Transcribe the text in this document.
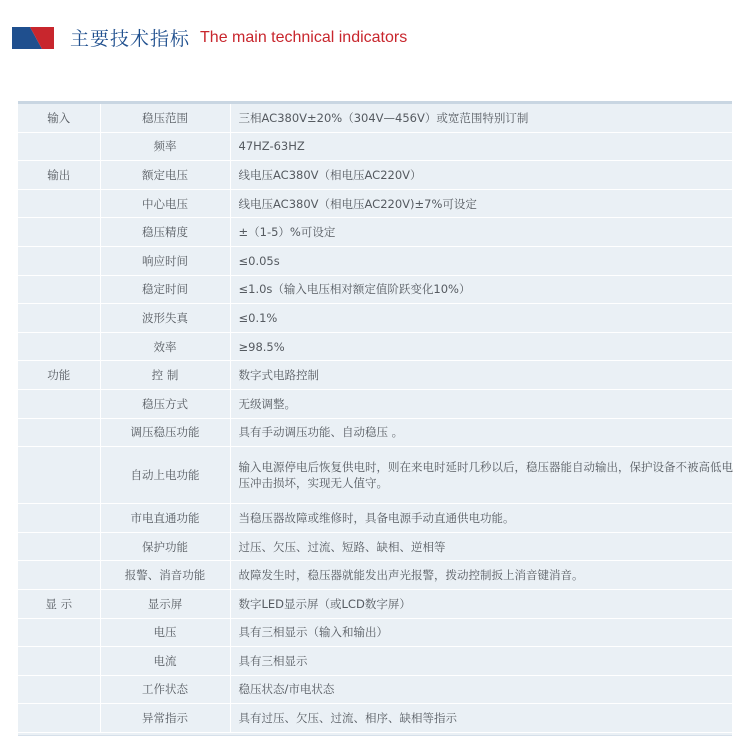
主要技术指标 The main technical indicators
输入	稳压范围	三相AC380V±20%（304V—456V）或宽范围特别订制
	频率	47HZ-63HZ
输出	额定电压	线电压AC380V（相电压AC220V）
	中心电压	线电压AC380V（相电压AC220V)±7%可设定
	稳压精度	±（1-5）%可设定
	响应时间	≤0.05s
	稳定时间	≤1.0s（输入电压相对额定值阶跃变化10%）
	波形失真	≤0.1%
	效率	≥98.5%
功能	控 制	数字式电路控制
	稳压方式	无级调整。
	调压稳压功能	具有手动调压功能、自动稳压 。
	自动上电功能	输入电源停电后恢复供电时，则在来电时延时几秒以后，稳压器能自动输出，保护设备不被高低电压冲击损坏，实现无人值守。
	市电直通功能	当稳压器故障或维修时，具备电源手动直通供电功能。
	保护功能	过压、欠压、过流、短路、缺相、逆相等
	报警、消音功能	故障发生时，稳压器就能发出声光报警，拨动控制扳上消音键消音。
显 示	显示屏	数字LED显示屏（或LCD数字屏）
	电压	具有三相显示（输入和输出）
	电流	具有三相显示
	工作状态	稳压状态/市电状态
	异常指示	具有过压、欠压、过流、相序、缺相等指示
